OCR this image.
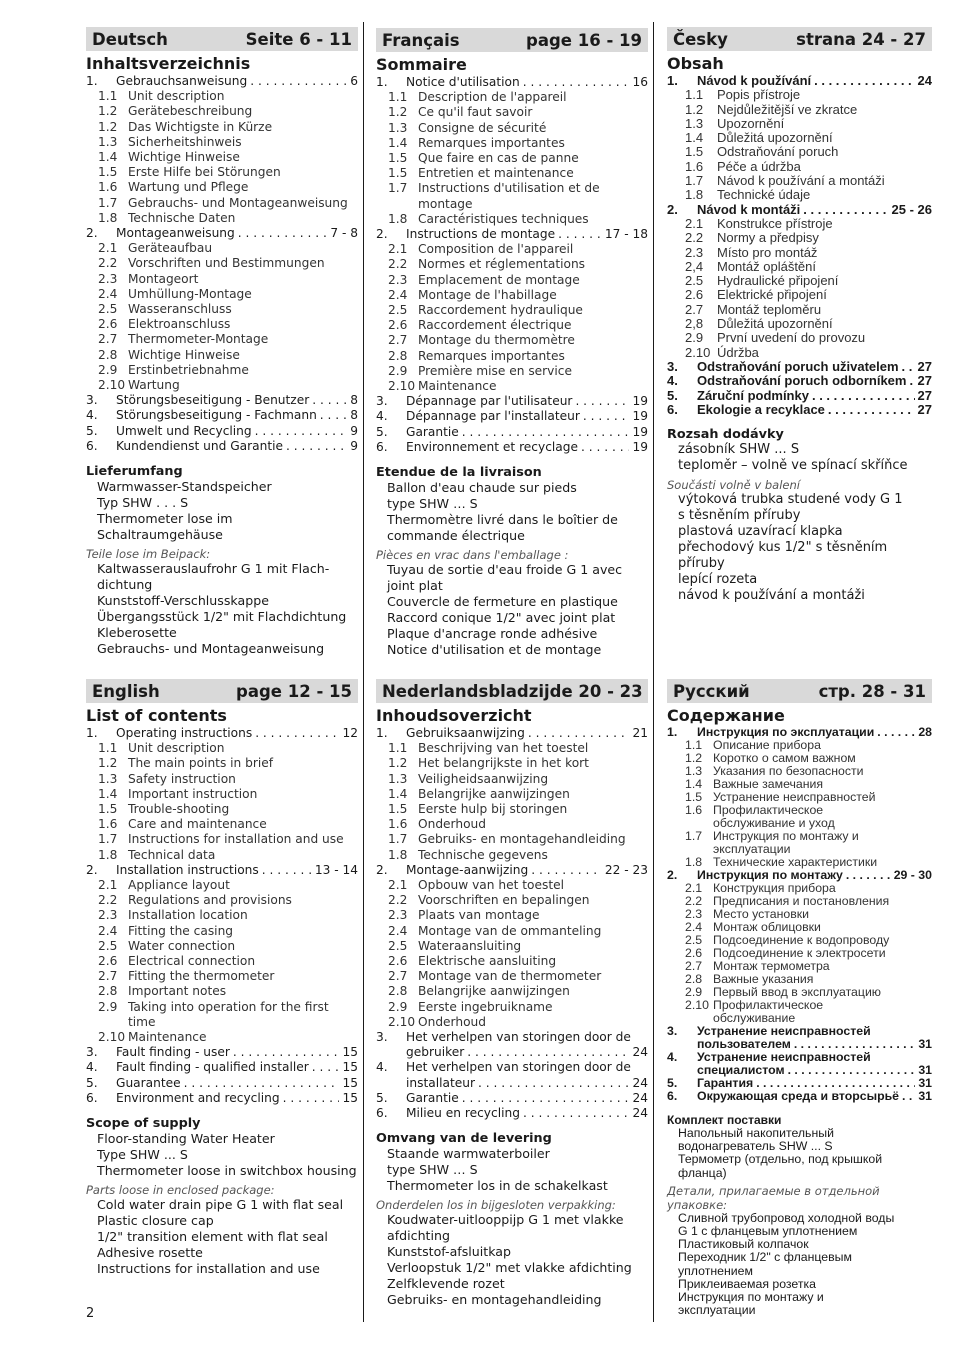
Deutsch	Seite 6 - 11
Inhaltsverzeichnis
1.	Gebrauchsanweisung . . .	6
1.1 Unit description
1.2 Gerätebeschreibung
1.2 Das Wichtigste in Kürze
1.3 Sicherheitshinweis
1.4 Wichtige Hinweise
1.5 Erste Hilfe bei Störungen
1.6 Wartung und Pflege
1.7 Gebrauchs- und Montageanweisung
1.8 Technische Daten
2.	Montageanweisung . . .	7 - 8
2.1 Geräteaufbau
2.2 Vorschriften und Bestimmungen
2.3 Montageort
2.4 Umhüllung-Montage
2.5 Wasseranschluss
2.6 Elektroanschluss
2.7 Thermometer-Montage
2.8 Wichtige Hinweise
2.9 Erstinbetriebnahme
2.10 Wartung
3.	Störungsbeseitigung - Benutzer . . .	8
4.	Störungsbeseitigung - Fachmann . . .	8
5.	Umwelt und Recycling . . .	9
6.	Kundendienst und Garantie . . .	9
Lieferumfang
Warmwasser-Standspeicher
Typ SHW . . . S
Thermometer lose im Schaltraumgehäuse
Teile lose im Beipack:
Kaltwasserauslaufrohr G 1 mit Flach-
dichtung
Kunststoff-Verschlusskappe
Übergangsstück 1/2" mit Flachdichtung
Kleberosette
Gebrauchs- und Montageanweisung
Français	page 16 - 19
Sommaire
1.	Notice d'utilisation . . .	16
1.1 Description de l'appareil
1.2 Ce qu'il faut savoir
1.3 Consigne de sécurité
1.4 Remarques importantes
1.5 Que faire en cas de panne
1.5 Entretien et maintenance
1.7 Instructions d'utilisation et de
montage
1.8 Caractéristiques techniques
2.	Instructions de montage . . .	17 - 18
2.1 Composition de l'appareil
2.2 Normes et réglementations
2.3 Emplacement de montage
2.4 Montage de l'habillage
2.5 Raccordement hydraulique
2.6 Raccordement électrique
2.7 Montage du thermomètre
2.8 Remarques importantes
2.9 Première mise en service
2.10 Maintenance
3.	Dépannage par l'utilisateur . . .	19
4.	Dépannage par l'installateur . . .	19
5.	Garantie . . .	19
6.	Environnement et recyclage . . .	19
Etendue de la livraison
Ballon d'eau chaude sur pieds
type SHW … S
Thermomètre livré dans le boîtier de
commande électrique
Pièces en vrac dans l'emballage :
Tuyau de sortie d'eau froide G 1 avec
joint plat
Couvercle de fermeture en plastique
Raccord conique 1/2" avec joint plat
Plaque d'ancrage ronde adhésive
Notice d'utilisation et de montage
Česky	strana 24 - 27
Obsah
1.	Návod k používání . . .	24
1.1	Popis přístroje
1.2	Nejdůležitější ve zkratce
1.3	Upozornění
1.4	Důležitá upozornění
1.5	Odstraňování poruch
1.6	Péče a údržba
1.7	Návod k používání a montáži
1.8	Technické údaje
2.	Návod k montáži . . .	25 - 26
2.1	Konstrukce přístroje
2.2	Normy a předpisy
2.3	Místo pro montáž
2,4	Montáž opláštění
2.5	Hydraulické připojení
2.6	Elektrické připojení
2.7	Montáž teploměru
2,8	Důležitá upozornění
2.9	První uvedení do provozu
2.10 Údržba
3.	Odstraňování poruch uživatelem . . . 27
4.	Odstraňování poruch odborníkem . . . 27
5.	Záruční podmínky . . .	27
6.	Ekologie a recyklace . . .	27
Rozsah dodávky
zásobník SHW ... S
teploměr – volně ve spínací skříňce
Součásti volně v balení
výtoková trubka studené vody G 1
s těsněním příruby
plastová uzavírací klapka
přechodový kus 1/2" s těsněním
příruby
lepící rozeta
návod k používání a montáži
English	page 12 - 15
List of contents
1.	Operating instructions . . .	12
1.1 Unit description
1.2 The main points in brief
1.3 Safety instruction
1.4 Important instruction
1.5 Trouble-shooting
1.6 Care and maintenance
1.7 Instructions for installation and use
1.8 Technical data
2.	Installation instructions . . .	13 - 14
2.1 Appliance layout
2.2 Regulations and provisions
2.3 Installation location
2.4 Fitting the casing
2.5 Water connection
2.6 Electrical connection
2.7 Fitting the thermometer
2.8 Important notes
2.9 Taking into operation for the first
time
2.10 Maintenance
3.	Fault finding - user . . .	15
4.	Fault finding - qualified installer . . .	15
5.	Guarantee . . .	15
6.	Environment and recycling . . .	15
Scope of supply
Floor-standing Water Heater
Type SHW ... S
Thermometer loose in switchbox housing
Parts loose in enclosed package:
Cold water drain pipe G 1 with flat seal
Plastic closure cap
1/2" transition element with flat seal
Adhesive rosette
Instructions for installation and use
Nederlands bladzijde 20 - 23
Inhoudsoverzicht
1.	Gebruiksaanwijzing . . .	21
1.1 Beschrijving van het toestel
1.2 Het belangrijkste in het kort
1.3 Veiligheidsaanwijzing
1.4 Belangrijke aanwijzingen
1.5 Eerste hulp bij storingen
1.6 Onderhoud
1.7 Gebruiks- en montagehandleiding
1.8 Technische gegevens
2.	Montage-aanwijzing . . .	22 - 23
2.1 Opbouw van het toestel
2.2 Voorschriften en bepalingen
2.3 Plaats van montage
2.4 Montage van de ommanteling
2.5 Wateraansluiting
2.6 Elektrische aansluiting
2.7 Montage van de thermometer
2.8 Belangrijke aanwijzingen
2.9 Eerste ingebruikname
2.10 Onderhoud
3.	Het verhelpen van storingen door de
gebruiker . . .	24
4.	Het verhelpen van storingen door de
installateur . . .	24
5.	Garantie . . .	24
6.	Milieu en recycling . . .	24
Omvang van de levering
Staande warmwaterboiler
type SHW … S
Thermometer los in de schakelkast
Onderdelen los in bijgesloten verpakking:
Koudwater-uitlooppijp G 1 met vlakke
afdichting
Kunststof-afsluitkap
Verloopstuk 1/2" met vlakke afdichting
Zelfklevende rozet
Gebruiks- en montagehandleiding
Русский	стр. 28 - 31
Содержание
1.	Инструкция по эксплуатации . . .	28
1.1 Описание прибора
1.2 Коротко о самом важном
1.3 Указания по безопасности
1.4 Важные замечания
1.5 Устранение неисправностей
1.6 Профилактическое
обслуживание и уход
1.7 Инструкция по монтажу и
эксплуатации
1.8 Технические характеристики
2.	Инструкция по монтажу . . .	29 - 30
2.1 Конструкция прибора
2.2 Предписания и постановления
2.3 Место установки
2.4 Монтаж облицовки
2.5 Подсоединение к водопроводу
2.6 Подсоединение к электросети
2.7 Монтаж термометра
2.8 Важные указания
2.9 Первый ввод в эксплуатацию
2.10 Профилактическое
обслуживание
3.	Устранение неисправностей
пользователем . . .	31
4.	Устранение неисправностей
специалистом . . .	31
5.	Гарантия . . .	31
6.	Окружающая среда и вторсырьё . . . 31
Комплект поставки
Напольный накопительный
водонагреватель SHW ... S
Термометр (отдельно, под крышкой
фланца)
Детали, прилагаемые в отдельной упаковке:
Сливной трубопровод холодной воды
G 1 с фланцевым уплотнением
Пластиковый колпачок
Переходник 1/2" с фланцевым
уплотнением
Приклеиваемая розетка
Инструкция по монтажу и
эксплуатации
2
